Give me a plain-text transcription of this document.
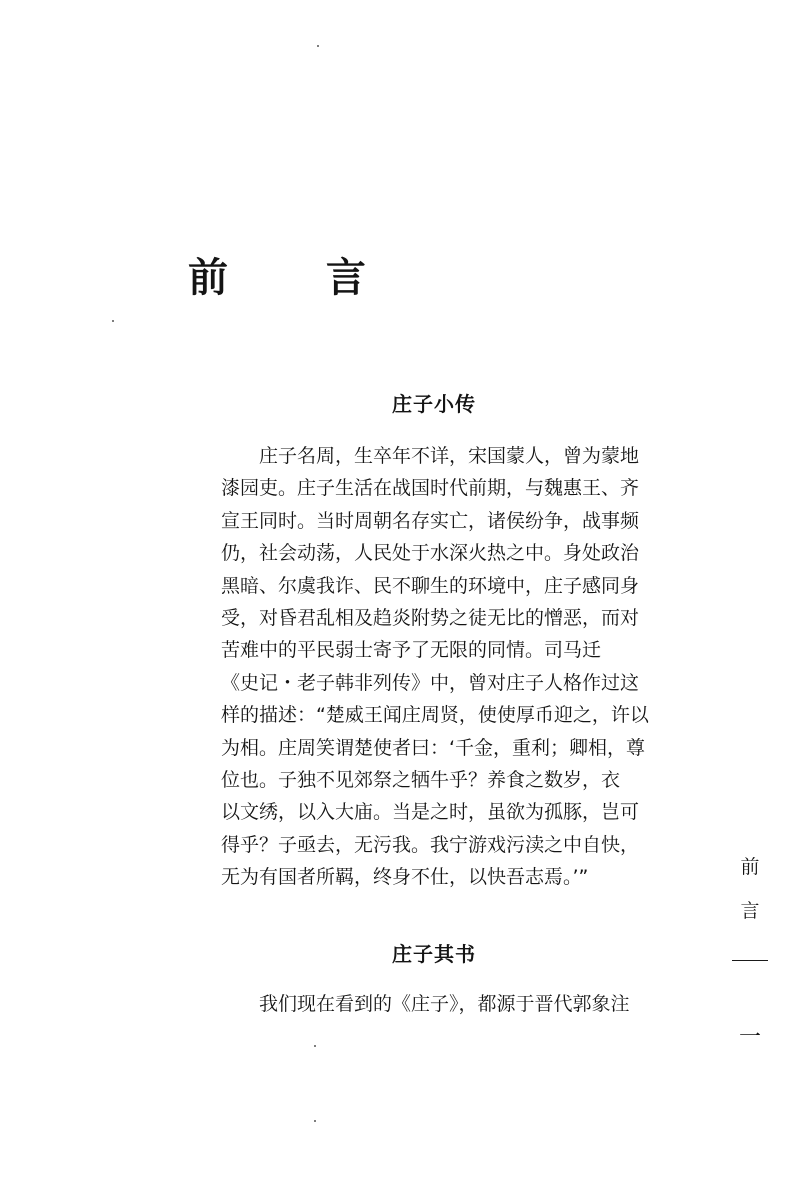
前 言
庄子小传

庄子名周，生卒年不详，宋国蒙人，曾为蒙地
漆园吏。庄子生活在战国时代前期，与魏惠王、齐
宣王同时。当时周朝名存实亡，诸侯纷争，战事频
仍，社会动荡，人民处于水深火热之中。身处政治
黑暗、尔虞我诈、民不聊生的环境中，庄子感同身
受，对昏君乱相及趋炎附势之徒无比的憎恶，而对
苦难中的平民弱士寄予了无限的同情。司马迁
《史记・老子韩非列传》中，曾对庄子人格作过这
样的描述：“楚威王闻庄周贤，使使厚币迎之，许以
为相。庄周笑谓楚使者曰：‘千金，重利；卿相，尊
位也。子独不见郊祭之牺牛乎？养食之数岁，衣
以文绣，以入大庙。当是之时，虽欲为孤豚，岂可
得乎？子亟去，无污我。我宁游戏污渎之中自快，
无为有国者所羁，终身不仕，以快吾志焉。’”

庄子其书

我们现在看到的《庄子》，都源于晋代郭象注

前
言
一
